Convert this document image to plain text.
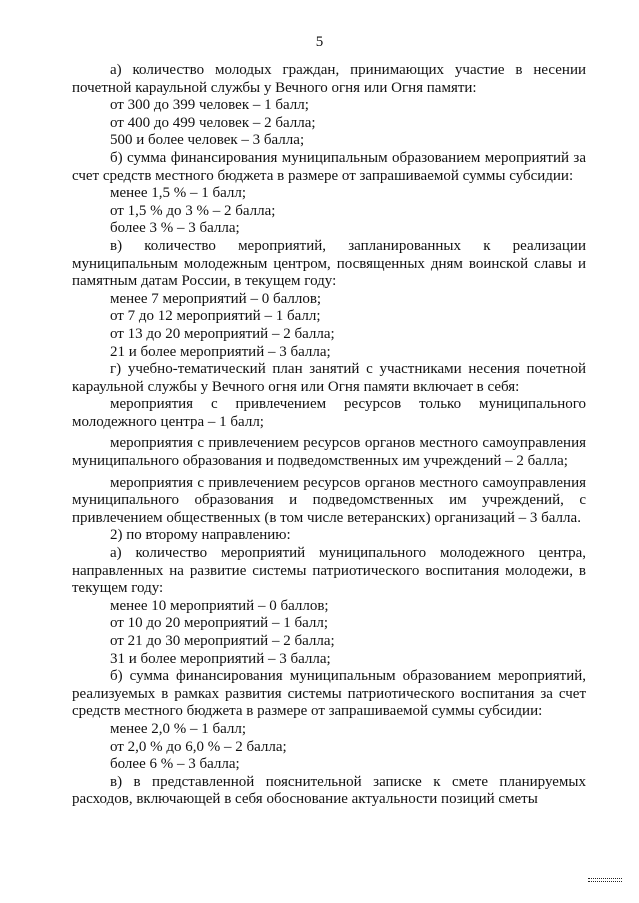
5

а) количество молодых граждан, принимающих участие в несении почетной караульной службы у Вечного огня или Огня памяти:

от 300 до 399 человек – 1 балл;

от 400 до 499 человек – 2 балла;

500 и более человек – 3 балла;

б) сумма финансирования муниципальным образованием мероприятий за счет средств местного бюджета в размере от запрашиваемой суммы субсидии:

менее 1,5 % – 1 балл;

от 1,5 % до 3 % – 2 балла;

более 3 % – 3 балла;

в) количество мероприятий, запланированных к реализации муниципальным молодежным центром, посвященных дням воинской славы и памятным датам России, в текущем году:

менее 7 мероприятий – 0 баллов;

от 7 до 12 мероприятий – 1 балл;

от 13 до 20 мероприятий – 2 балла;

21 и более мероприятий – 3 балла;

г) учебно-тематический план занятий с участниками несения почетной караульной службы у Вечного огня или Огня памяти включает в себя:

мероприятия с привлечением ресурсов только муниципального молодежного центра – 1 балл;

мероприятия с привлечением ресурсов органов местного самоуправления муниципального образования и подведомственных им учреждений – 2 балла;

мероприятия с привлечением ресурсов органов местного самоуправления муниципального образования и подведомственных им учреждений, с привлечением общественных (в том числе ветеранских) организаций – 3 балла.

2) по второму направлению:

а) количество мероприятий муниципального молодежного центра, направленных на развитие системы патриотического воспитания молодежи, в текущем году:

менее 10 мероприятий – 0 баллов;

от 10 до 20 мероприятий – 1 балл;

от 21 до 30 мероприятий – 2 балла;

31 и более мероприятий – 3 балла;

б) сумма финансирования муниципальным образованием мероприятий, реализуемых в рамках развития системы патриотического воспитания за счет средств местного бюджета в размере от запрашиваемой суммы субсидии:

менее 2,0 % – 1 балл;

от 2,0 % до 6,0 % – 2 балла;

более 6 % – 3 балла;

в) в представленной пояснительной записке к смете планируемых расходов, включающей в себя обоснование актуальности позиций сметы
